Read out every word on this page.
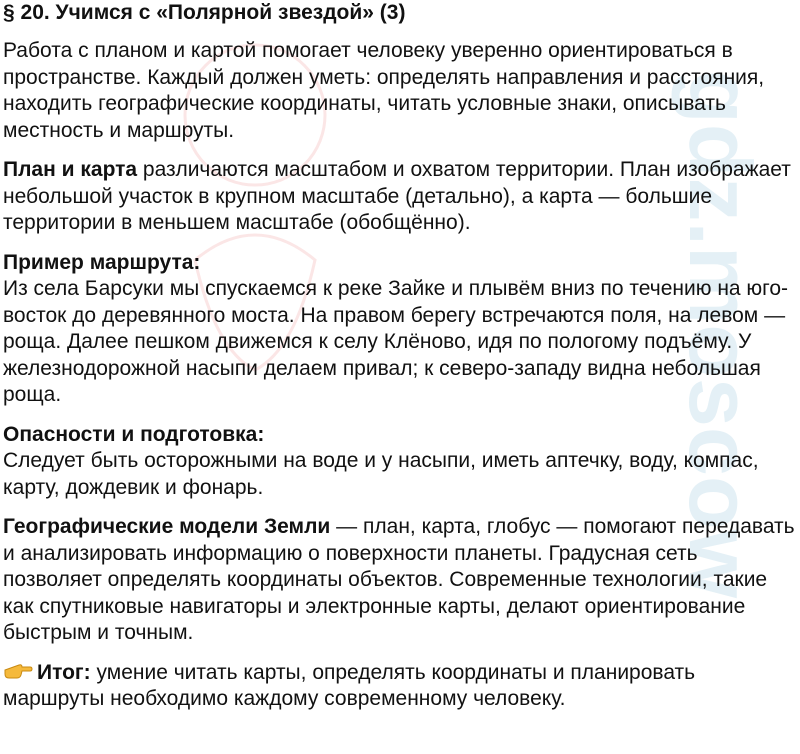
gdz.moscow
§ 20. Учимся с «Полярной звездой» (3)

Работа с планом и картой помогает человеку уверенно ориентироваться в пространстве. Каждый должен уметь: определять направления и расстояния, находить географические координаты, читать условные знаки, описывать местность и маршруты.

План и карта различаются масштабом и охватом территории. План изображает небольшой участок в крупном масштабе (детально), а карта — большие территории в меньшем масштабе (обобщённо).

Пример маршрута:

Из села Барсуки мы спускаемся к реке Зайке и плывём вниз по течению на юго-восток до деревянного моста. На правом берегу встречаются поля, на левом — роща. Далее пешком движемся к селу Клёново, идя по пологому подъёму. У железнодорожной насыпи делаем привал; к северо-западу видна небольшая роща.

Опасности и подготовка:

Следует быть осторожными на воде и у насыпи, иметь аптечку, воду, компас, карту, дождевик и фонарь.

Географические модели Земли — план, карта, глобус — помогают передавать и анализировать информацию о поверхности планеты. Градусная сеть позволяет определять координаты объектов. Современные технологии, такие как спутниковые навигаторы и электронные карты, делают ориентирование быстрым и точным.

Итог: умение читать карты, определять координаты и планировать маршруты необходимо каждому современному человеку.
